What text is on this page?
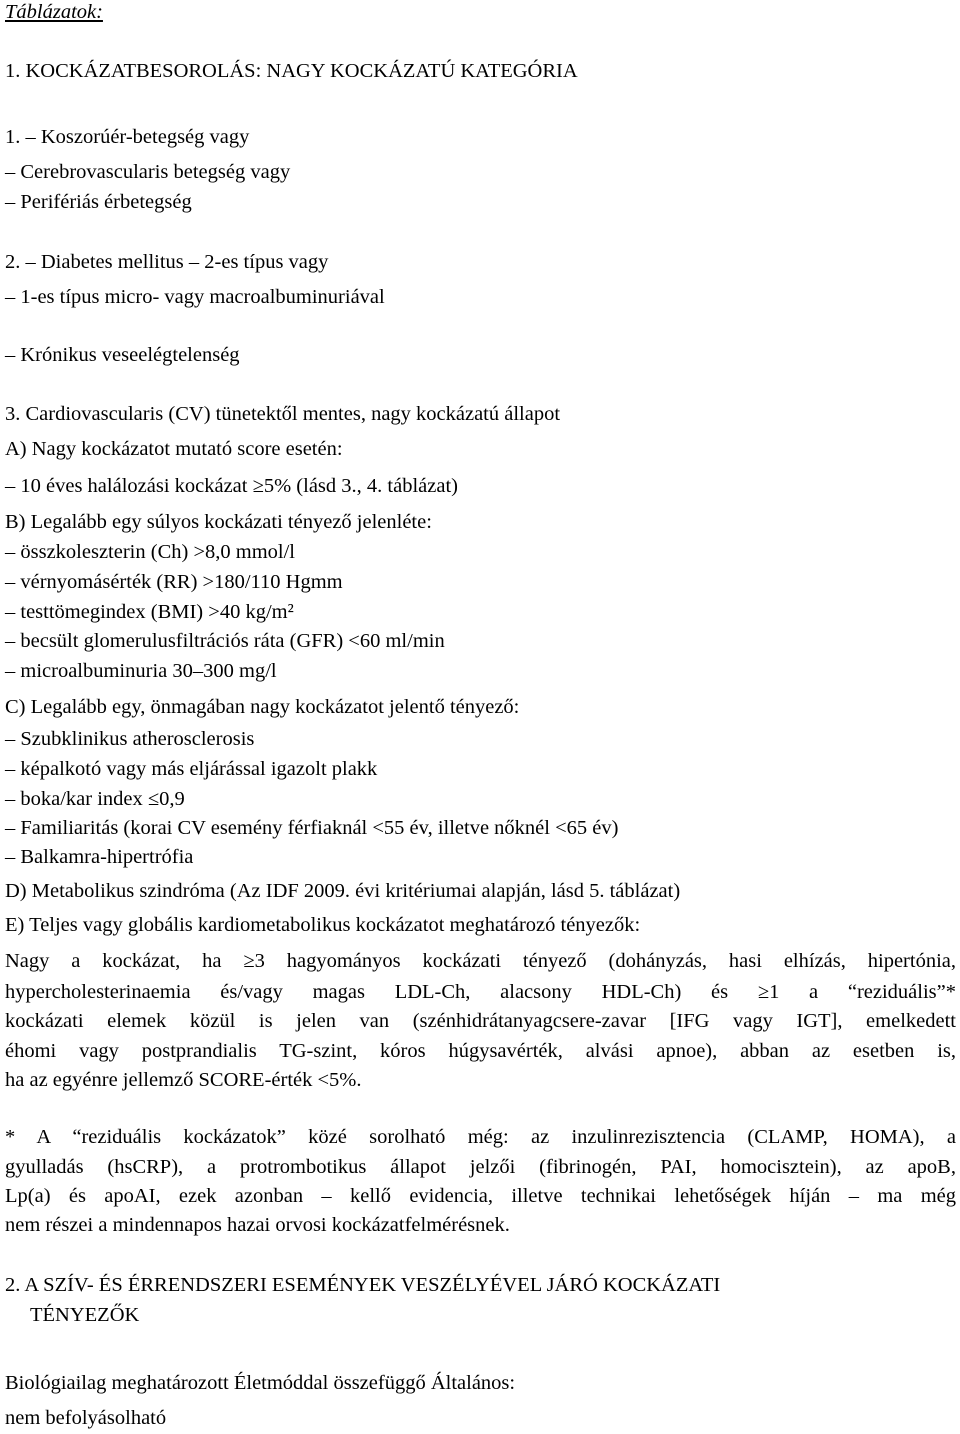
Táblázatok:
1. KOCKÁZATBESOROLÁS: NAGY KOCKÁZATÚ KATEGÓRIA
1. – Koszorúér-betegség vagy
– Cerebrovascularis betegség vagy
– Perifériás érbetegség
2. – Diabetes mellitus – 2-es típus vagy
– 1-es típus micro- vagy macroalbuminuriával
– Krónikus veseelégtelenség
3. Cardiovascularis (CV) tünetektől mentes, nagy kockázatú állapot
A) Nagy kockázatot mutató score esetén:
– 10 éves halálozási kockázat ≥5% (lásd 3., 4. táblázat)
B) Legalább egy súlyos kockázati tényező jelenléte:
– összkoleszterin (Ch) >8,0 mmol/l
– vérnyomásérték (RR) >180/110 Hgmm
– testtömegindex (BMI) >40 kg/m²
– becsült glomerulusfiltrációs ráta (GFR) <60 ml/min
– microalbuminuria 30–300 mg/l
C) Legalább egy, önmagában nagy kockázatot jelentő tényező:
– Szubklinikus atherosclerosis
– képalkotó vagy más eljárással igazolt plakk
– boka/kar index ≤0,9
– Familiaritás (korai CV esemény férfiaknál <55 év, illetve nőknél <65 év)
– Balkamra-hipertrófia
D) Metabolikus szindróma (Az IDF 2009. évi kritériumai alapján, lásd 5. táblázat)
E) Teljes vagy globális kardiometabolikus kockázatot meghatározó tényezők:
Nagy a kockázat, ha ≥3 hagyományos kockázati tényező (dohányzás, hasi elhízás, hipertónia,
hypercholesterinaemia és/vagy magas LDL-Ch, alacsony HDL-Ch) és ≥1 a “reziduális”*
kockázati elemek közül is jelen van (szénhidrátanyagcsere-zavar [IFG vagy IGT], emelkedett
éhomi vagy postprandialis TG-szint, kóros húgysavérték, alvási apnoe), abban az esetben is,
ha az egyénre jellemző SCORE-érték <5%.
* A “reziduális kockázatok” közé sorolható még: az inzulinrezisztencia (CLAMP, HOMA), a
gyulladás (hsCRP), a protrombotikus állapot jelzői (fibrinogén, PAI, homocisztein), az apoB,
Lp(a) és apoAI, ezek azonban – kellő evidencia, illetve technikai lehetőségek híján – ma még
nem részei a mindennapos hazai orvosi kockázatfelmérésnek.
2. A SZÍV- ÉS ÉRRENDSZERI ESEMÉNYEK VESZÉLYÉVEL JÁRÓ KOCKÁZATI
TÉNYEZŐK
Biológiailag meghatározott Életmóddal összefüggő Általános:
nem befolyásolható
